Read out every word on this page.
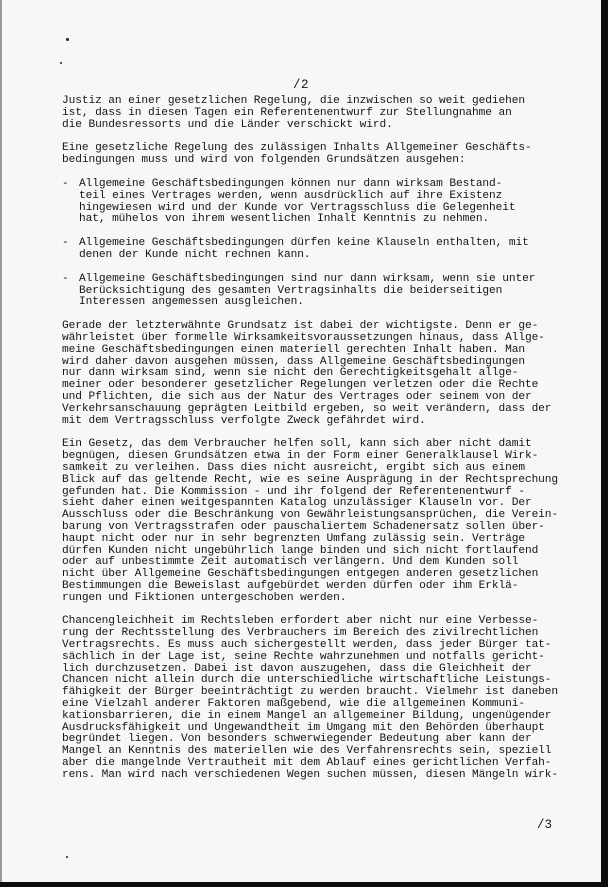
/2
Justiz an einer gesetzlichen Regelung, die inzwischen so weit gediehen
ist, dass in diesen Tagen ein Referentenentwurf zur Stellungnahme an
die Bundesressorts und die Länder verschickt wird.
Eine gesetzliche Regelung des zulässigen Inhalts Allgemeiner Geschäfts-
bedingungen muss und wird von folgenden Grundsätzen ausgehen:
- Allgemeine Geschäftsbedingungen können nur dann wirksam Bestand-
teil eines Vertrages werden, wenn ausdrücklich auf ihre Existenz
hingewiesen wird und der Kunde vor Vertragsschluss die Gelegenheit
hat, mühelos von ihrem wesentlichen Inhalt Kenntnis zu nehmen.
- Allgemeine Geschäftsbedingungen dürfen keine Klauseln enthalten, mit
denen der Kunde nicht rechnen kann.
- Allgemeine Geschäftsbedingungen sind nur dann wirksam, wenn sie unter
Berücksichtigung des gesamten Vertragsinhalts die beiderseitigen
Interessen angemessen ausgleichen.
Gerade der letzterwähnte Grundsatz ist dabei der wichtigste. Denn er ge-
währleistet über formelle Wirksamkeitsvoraussetzungen hinaus, dass Allge-
meine Geschäftsbedingungen einen materiell gerechten Inhalt haben. Man
wird daher davon ausgehen müssen, dass Allgemeine Geschäftsbedingungen
nur dann wirksam sind, wenn sie nicht den Gerechtigkeitsgehalt allge-
meiner oder besonderer gesetzlicher Regelungen verletzen oder die Rechte
und Pflichten, die sich aus der Natur des Vertrages oder seinem von der
Verkehrsanschauung geprägten Leitbild ergeben, so weit verändern, dass der
mit dem Vertragsschluss verfolgte Zweck gefährdet wird.
Ein Gesetz, das dem Verbraucher helfen soll, kann sich aber nicht damit
begnügen, diesen Grundsätzen etwa in der Form einer Generalklausel Wirk-
samkeit zu verleihen. Dass dies nicht ausreicht, ergibt sich aus einem
Blick auf das geltende Recht, wie es seine Ausprägung in der Rechtsprechung
gefunden hat. Die Kommission - und ihr folgend der Referentenentwurf -
sieht daher einen weitgespannten Katalog unzulässiger Klauseln vor. Der
Ausschluss oder die Beschränkung von Gewährleistungsansprüchen, die Verein-
barung von Vertragsstrafen oder pauschaliertem Schadenersatz sollen über-
haupt nicht oder nur in sehr begrenzten Umfang zulässig sein. Verträge
dürfen Kunden nicht ungebührlich lange binden und sich nicht fortlaufend
oder auf unbestimmte Zeit automatisch verlängern. Und dem Kunden soll
nicht über Allgemeine Geschäftsbedingungen entgegen anderen gesetzlichen
Bestimmungen die Beweislast aufgebürdet werden dürfen oder ihm Erklä-
rungen und Fiktionen untergeschoben werden.
Chancengleichheit im Rechtsleben erfordert aber nicht nur eine Verbesse-
rung der Rechtsstellung des Verbrauchers im Bereich des zivilrechtlichen
Vertragsrechts. Es muss auch sichergestellt werden, dass jeder Bürger tat-
sächlich in der Lage ist, seine Rechte wahrzunehmen und notfalls gericht-
lich durchzusetzen. Dabei ist davon auszugehen, dass die Gleichheit der
Chancen nicht allein durch die unterschiedliche wirtschaftliche Leistungs-
fähigkeit der Bürger beeinträchtigt zu werden braucht. Vielmehr ist daneben
eine Vielzahl anderer Faktoren maßgebend, wie die allgemeinen Kommuni-
kationsbarrieren, die in einem Mangel an allgemeiner Bildung, ungenügender
Ausdrucksfähigkeit und Ungewandtheit im Umgang mit den Behörden überhaupt
begründet liegen. Von besonders schwerwiegender Bedeutung aber kann der
Mangel an Kenntnis des materiellen wie des Verfahrensrechts sein, speziell
aber die mangelnde Vertrautheit mit dem Ablauf eines gerichtlichen Verfah-
rens. Man wird nach verschiedenen Wegen suchen müssen, diesen Mängeln wirk-
/3
